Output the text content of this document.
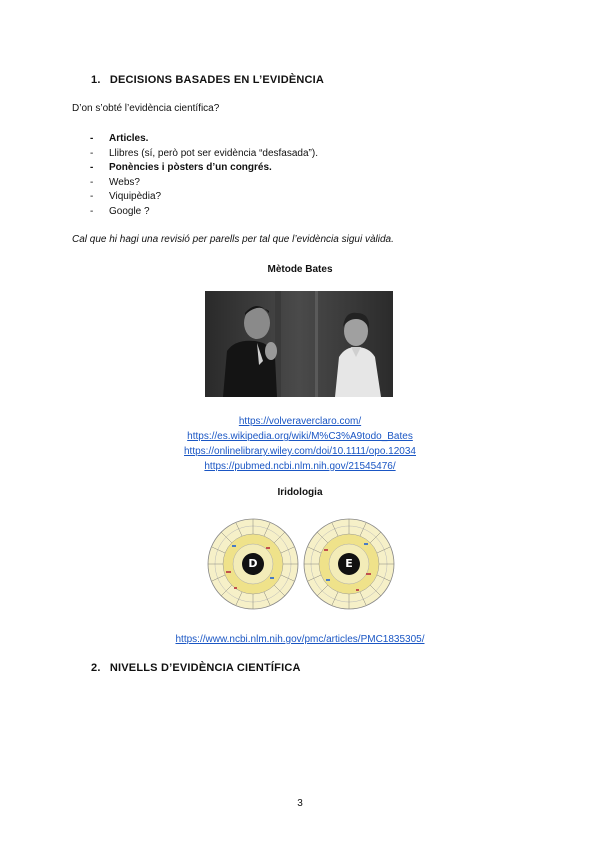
1. DECISIONS BASADES EN L’EVIDÈNCIA
D’on s’obté l’evidència científica?
- Articles.
- Llibres (sí, però pot ser evidència “desfasada”).
- Ponències i pòsters d’un congrés.
- Webs?
- Viquipèdia?
- Google ?
Cal que hi hagi una revisió per parells per tal que l’evidència sigui vàlida.
Mètode Bates
https://volveraverclaro.com/
https://es.wikipedia.org/wiki/M%C3%A9todo_Bates
https://onlinelibrary.wiley.com/doi/10.1111/opo.12034
https://pubmed.ncbi.nlm.nih.gov/21545476/
Iridologia
D	E
https://www.ncbi.nlm.nih.gov/pmc/articles/PMC1835305/
2. NIVELLS D’EVIDÈNCIA CIENTÍFICA
3
